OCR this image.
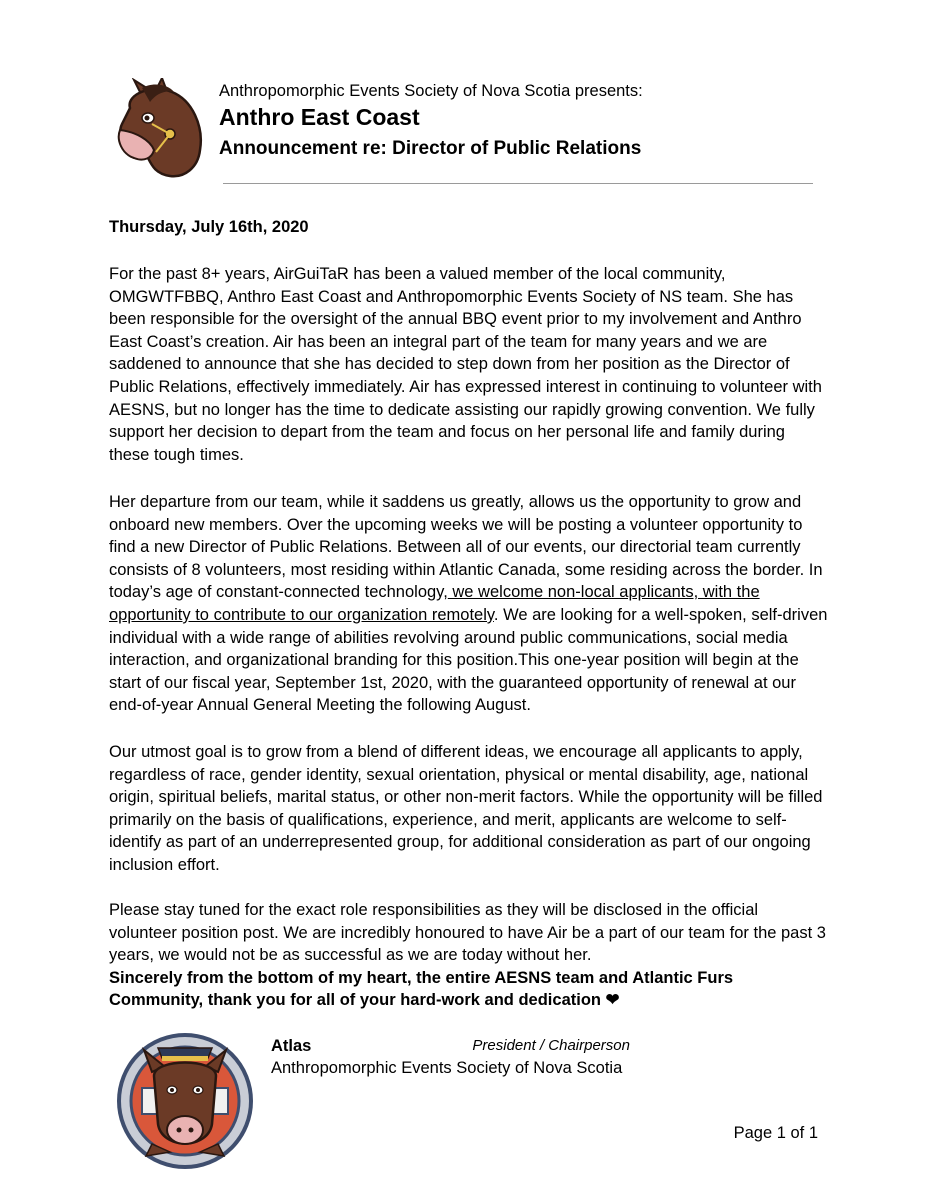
Anthropomorphic Events Society of Nova Scotia presents:
Anthro East Coast
Announcement re: Director of Public Relations
Thursday, July 16th, 2020

For the past 8+ years, AirGuiTaR has been a valued member of the local community, OMGWTFBBQ, Anthro East Coast and Anthropomorphic Events Society of NS team. She has been responsible for the oversight of the annual BBQ event prior to my involvement and Anthro East Coast’s creation. Air has been an integral part of the team for many years and we are saddened to announce that she has decided to step down from her position as the Director of Public Relations, effectively immediately. Air has expressed interest in continuing to volunteer with AESNS, but no longer has the time to dedicate assisting our rapidly growing convention. We fully support her decision to depart from the team and focus on her personal life and family during these tough times.

Her departure from our team, while it saddens us greatly, allows us the opportunity to grow and onboard new members. Over the upcoming weeks we will be posting a volunteer opportunity to find a new Director of Public Relations. Between all of our events, our directorial team currently consists of 8 volunteers, most residing within Atlantic Canada, some residing across the border. In today’s age of constant-connected technology, we welcome non-local applicants, with the opportunity to contribute to our organization remotely. We are looking for a well-spoken, self-driven individual with a wide range of abilities revolving around public communications, social media interaction, and organizational branding for this position.This one-year position will begin at the start of our fiscal year, September 1st, 2020, with the guaranteed opportunity of renewal at our end-of-year Annual General Meeting the following August.

Our utmost goal is to grow from a blend of different ideas, we encourage all applicants to apply, regardless of race, gender identity, sexual orientation, physical or mental disability, age, national origin, spiritual beliefs, marital status, or other non-merit factors. While the opportunity will be filled primarily on the basis of qualifications, experience, and merit, applicants are welcome to self-identify as part of an underrepresented group, for additional consideration as part of our ongoing inclusion effort.

Please stay tuned for the exact role responsibilities as they will be disclosed in the official volunteer position post. We are incredibly honoured to have Air be a part of our team for the past 3 years, we would not be as successful as we are today without her.

Sincerely from the bottom of my heart, the entire AESNS team and Atlantic Furs Community, thank you for all of your hard-work and dedication ❤

Atlas	President / Chairperson
Anthropomorphic Events Society of Nova Scotia
Page 1 of 1
